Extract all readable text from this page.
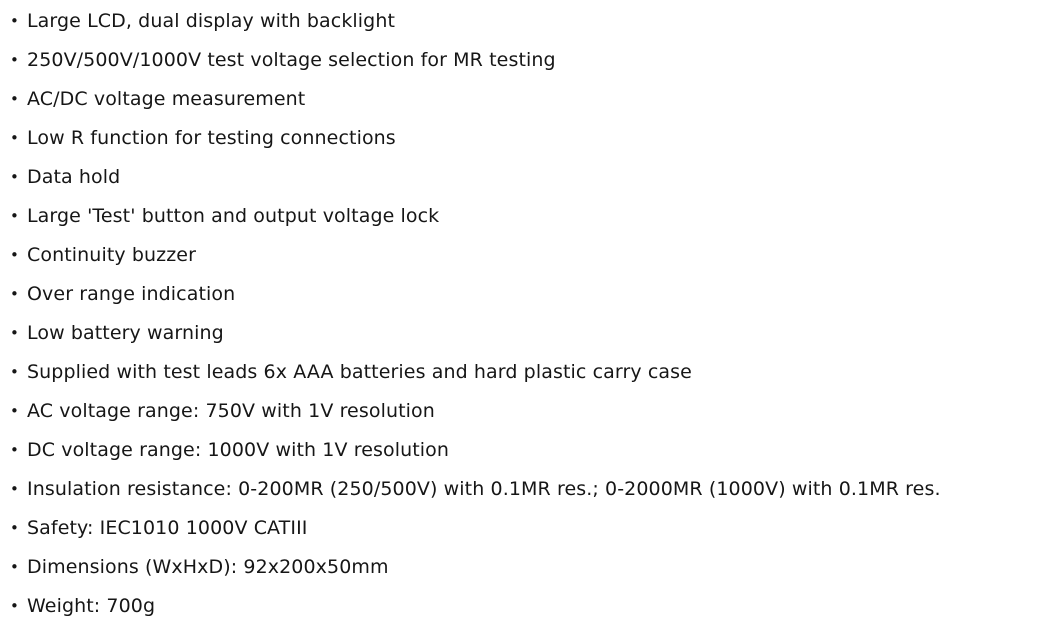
• Large LCD, dual display with backlight
• 250V/500V/1000V test voltage selection for MR testing
• AC/DC voltage measurement
• Low R function for testing connections
• Data hold
• Large 'Test' button and output voltage lock
• Continuity buzzer
• Over range indication
• Low battery warning
• Supplied with test leads 6x AAA batteries and hard plastic carry case
• AC voltage range: 750V with 1V resolution
• DC voltage range: 1000V with 1V resolution
• Insulation resistance: 0-200MR (250/500V) with 0.1MR res.; 0-2000MR (1000V) with 0.1MR res.
• Safety: IEC1010 1000V CATIII
• Dimensions (WxHxD): 92x200x50mm
• Weight: 700g
